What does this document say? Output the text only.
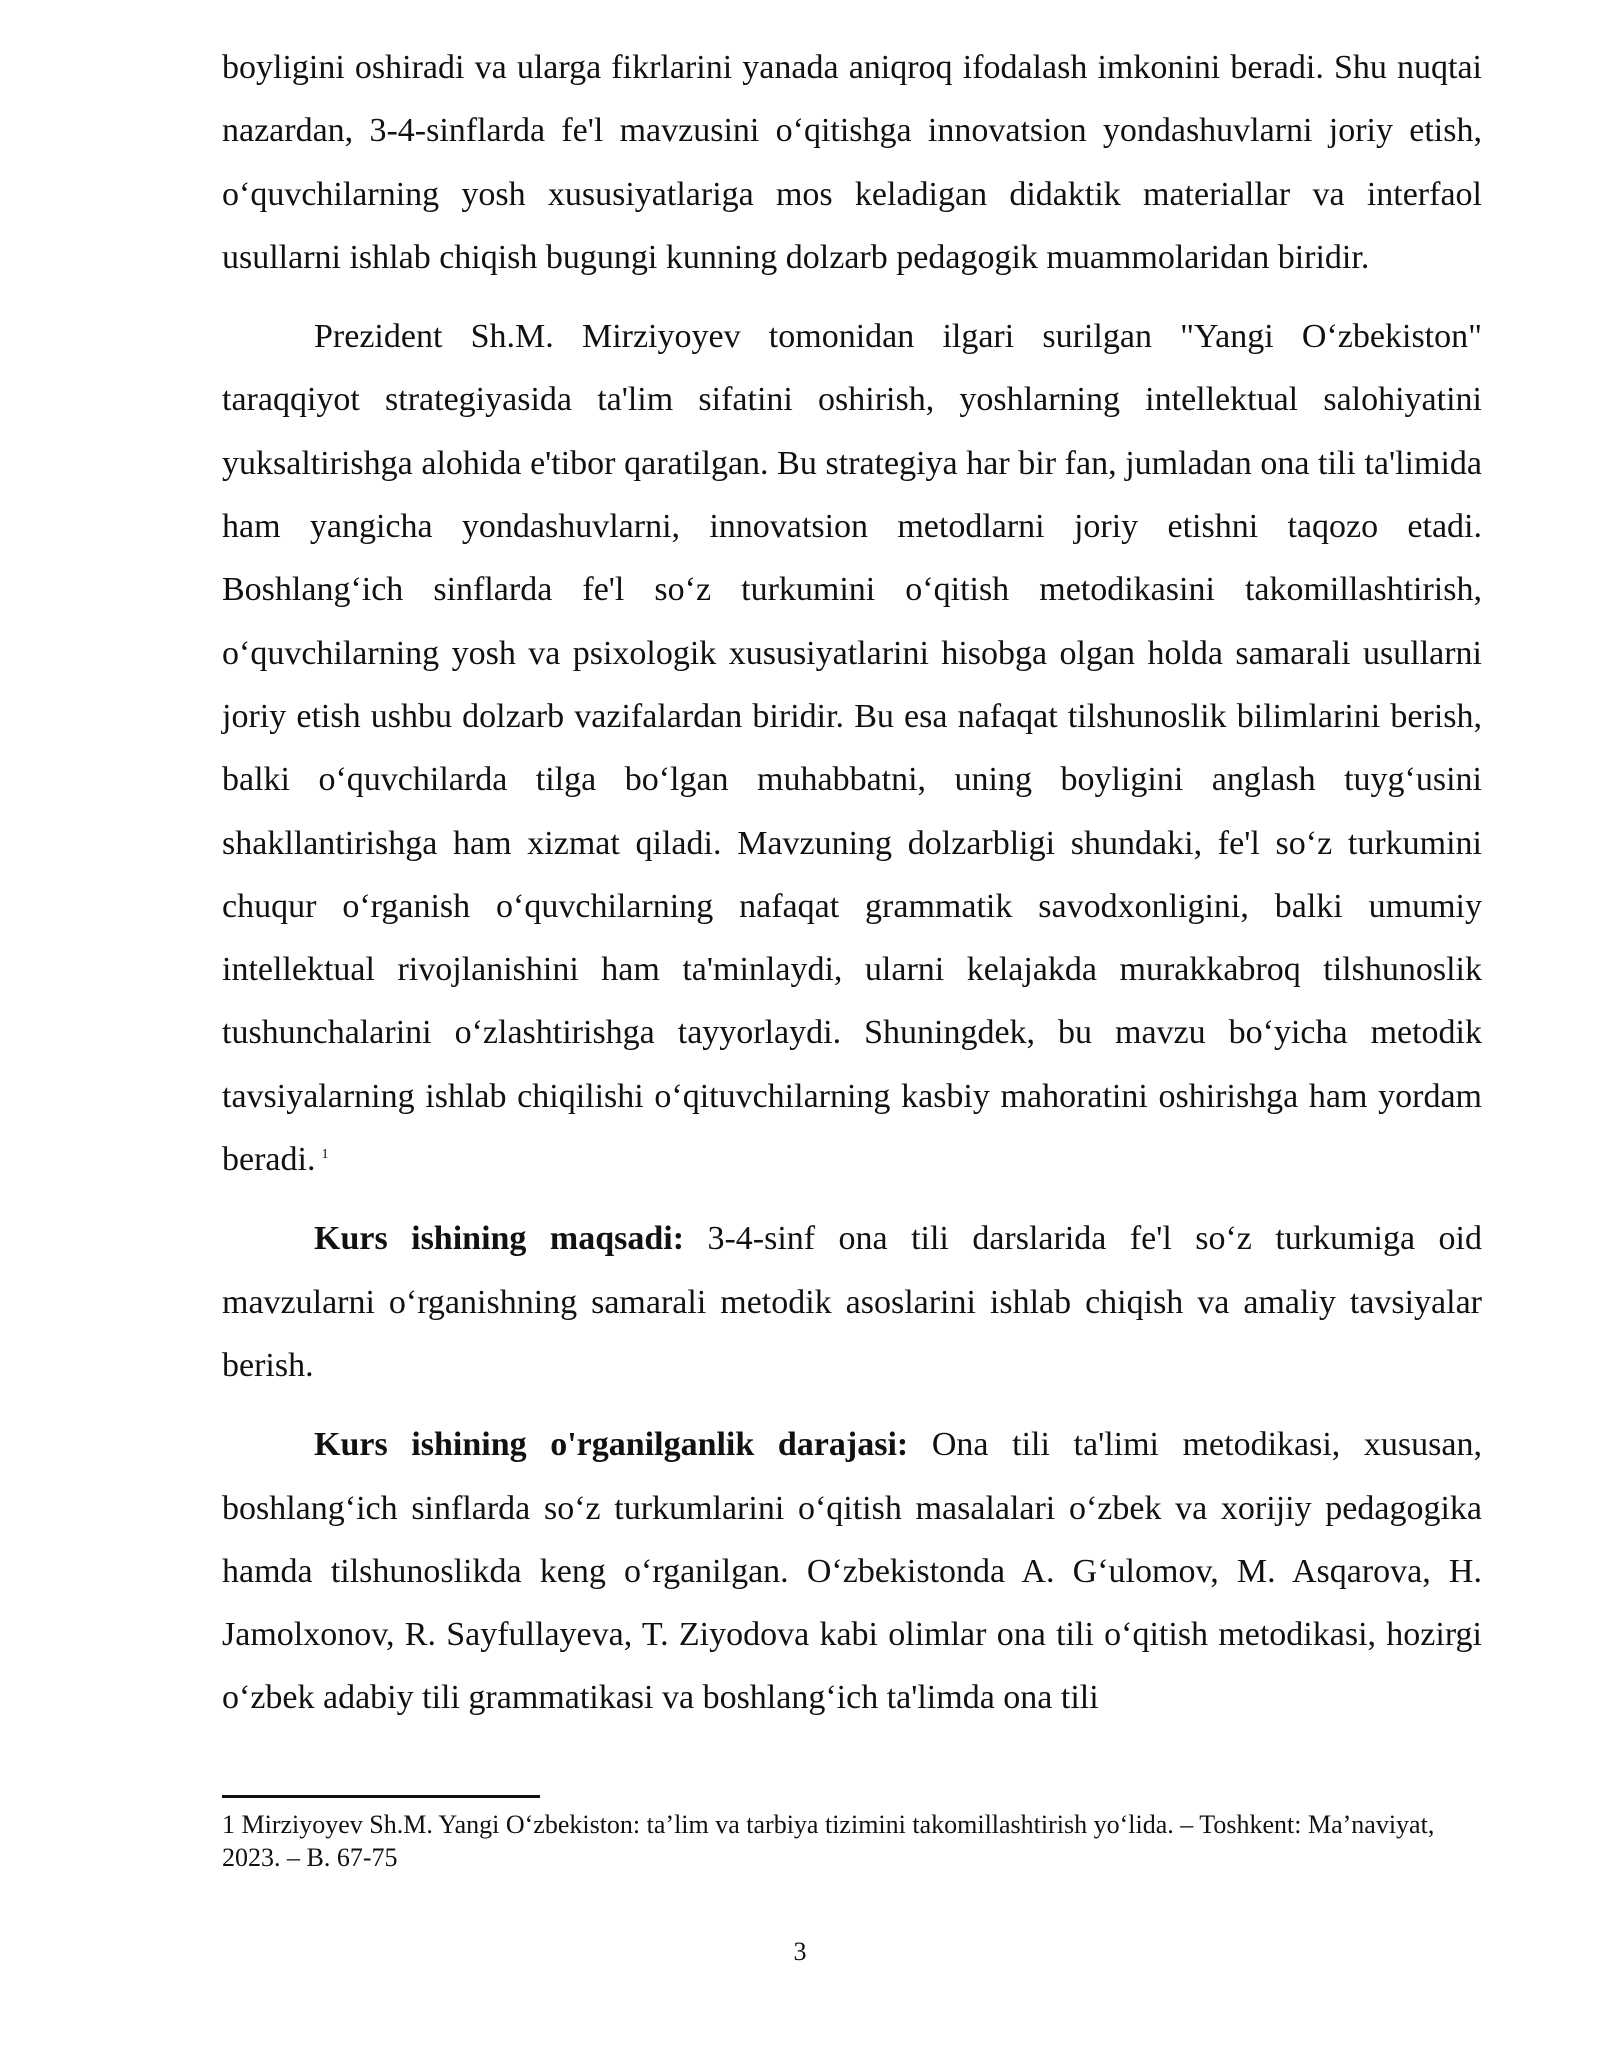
boyligini oshiradi va ularga fikrlarini yanada aniqroq ifodalash imkonini beradi. Shu nuqtai nazardan, 3-4-sinflarda fe'l mavzusini o‘qitishga innovatsion yondashuvlarni joriy etish, o‘quvchilarning yosh xususiyatlariga mos keladigan didaktik materiallar va interfaol usullarni ishlab chiqish bugungi kunning dolzarb pedagogik muammolaridan biridir.

Prezident Sh.M. Mirziyoyev tomonidan ilgari surilgan "Yangi O‘zbekiston" taraqqiyot strategiyasida ta'lim sifatini oshirish, yoshlarning intellektual salohiyatini yuksaltirishga alohida e'tibor qaratilgan. Bu strategiya har bir fan, jumladan ona tili ta'limida ham yangicha yondashuvlarni, innovatsion metodlarni joriy etishni taqozo etadi. Boshlang‘ich sinflarda fe'l so‘z turkumini o‘qitish metodikasini takomillashtirish, o‘quvchilarning yosh va psixologik xususiyatlarini hisobga olgan holda samarali usullarni joriy etish ushbu dolzarb vazifalardan biridir. Bu esa nafaqat tilshunoslik bilimlarini berish, balki o‘quvchilarda tilga bo‘lgan muhabbatni, uning boyligini anglash tuyg‘usini shakllantirishga ham xizmat qiladi. Mavzuning dolzarbligi shundaki, fe'l so‘z turkumini chuqur o‘rganish o‘quvchilarning nafaqat grammatik savodxonligini, balki umumiy intellektual rivojlanishini ham ta'minlaydi, ularni kelajakda murakkabroq tilshunoslik tushunchalarini o‘zlashtirishga tayyorlaydi. Shuningdek, bu mavzu bo‘yicha metodik tavsiyalarning ishlab chiqilishi o‘qituvchilarning kasbiy mahoratini oshirishga ham yordam beradi. $^1$

Kurs ishining maqsadi: 3-4-sinf ona tili darslarida fe'l so‘z turkumiga oid mavzularni o‘rganishning samarali metodik asoslarini ishlab chiqish va amaliy tavsiyalar berish.

Kurs ishining o'rganilganlik darajasi: Ona tili ta'limi metodikasi, xususan, boshlang‘ich sinflarda so‘z turkumlarini o‘qitish masalalari o‘zbek va xorijiy pedagogika hamda tilshunoslikda keng o‘rganilgan. O‘zbekistonda A. G‘ulomov, M. Asqarova, H. Jamolxonov, R. Sayfullayeva, T. Ziyodova kabi olimlar ona tili o‘qitish metodikasi, hozirgi o‘zbek adabiy tili grammatikasi va boshlang‘ich ta'limda ona tili

1 Mirziyoyev Sh.M. Yangi O‘zbekiston: ta’lim va tarbiya tizimini takomillashtirish yo‘lida. – Toshkent: Ma’naviyat, 2023. – B. 67-75

3
